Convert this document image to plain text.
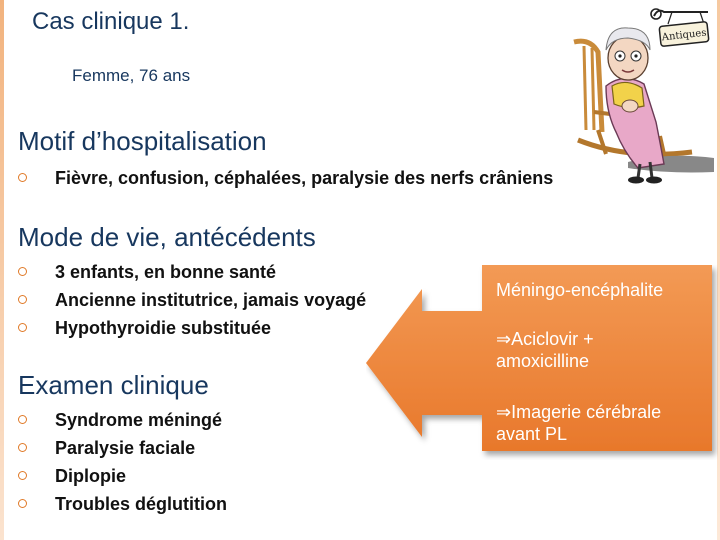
Cas clinique 1.
Femme, 76 ans
Antiques
Motif d’hospitalisation
Fièvre, confusion, céphalées, paralysie des nerfs crâniens
Mode de vie, antécédents
3 enfants, en bonne santé
Ancienne institutrice, jamais voyagé
Hypothyroidie substituée
Examen clinique
Syndrome méningé
Paralysie faciale
Diplopie
Troubles déglutition
Méningo-encéphalite
⇒Aciclovir +
amoxicilline
⇒Imagerie cérébrale
avant PL
